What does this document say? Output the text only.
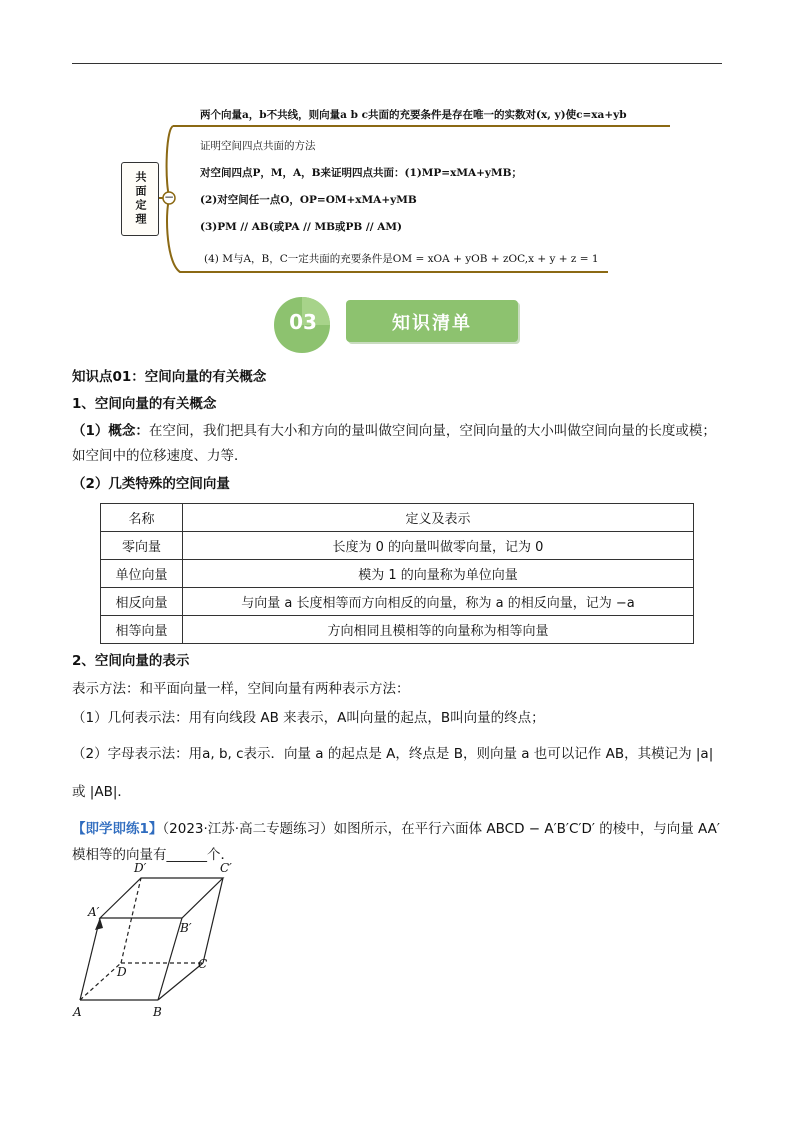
共面定理	−
两个向量a，b不共线，则向量a b c共面的充要条件是存在唯一的实数对(x, y)使c=xa+yb
证明空间四点共面的方法
对空间四点P，M，A，B来证明四点共面：(1)MP=xMA+yMB；
(2)对空间任一点O，OP=OM+xMA+yMB
(3)PM // AB(或PA // MB或PB // AM)
(4) M与A，B，C一定共面的充要条件是OM = xOA + yOB + zOC,x + y + z = 1
03	知识清单
知识点01：空间向量的有关概念
1、空间向量的有关概念
（1）概念：在空间，我们把具有大小和方向的量叫做空间向量，空间向量的大小叫做空间向量的长度或模；
如空间中的位移速度、力等．
（2）几类特殊的空间向量
名称	定义及表示
零向量	长度为 0 的向量叫做零向量，记为 0
单位向量	模为 1 的向量称为单位向量
相反向量	与向量 a 长度相等而方向相反的向量，称为 a 的相反向量，记为 −a
相等向量	方向相同且模相等的向量称为相等向量
2、空间向量的表示
表示方法：和平面向量一样，空间向量有两种表示方法：
（1）几何表示法：用有向线段 AB 来表示，A叫向量的起点，B叫向量的终点；
（2）字母表示法：用a, b, c表示．向量 a 的起点是 A，终点是 B，则向量 a 也可以记作 AB，其模记为 |a|
或 |AB|．
【即学即练1】（2023·江苏·高二专题练习）如图所示，在平行六面体 ABCD − A′B′C′D′ 的棱中，与向量 AA′
模相等的向量有______个．
D′	C′
A′
B′
D
C
A	B
